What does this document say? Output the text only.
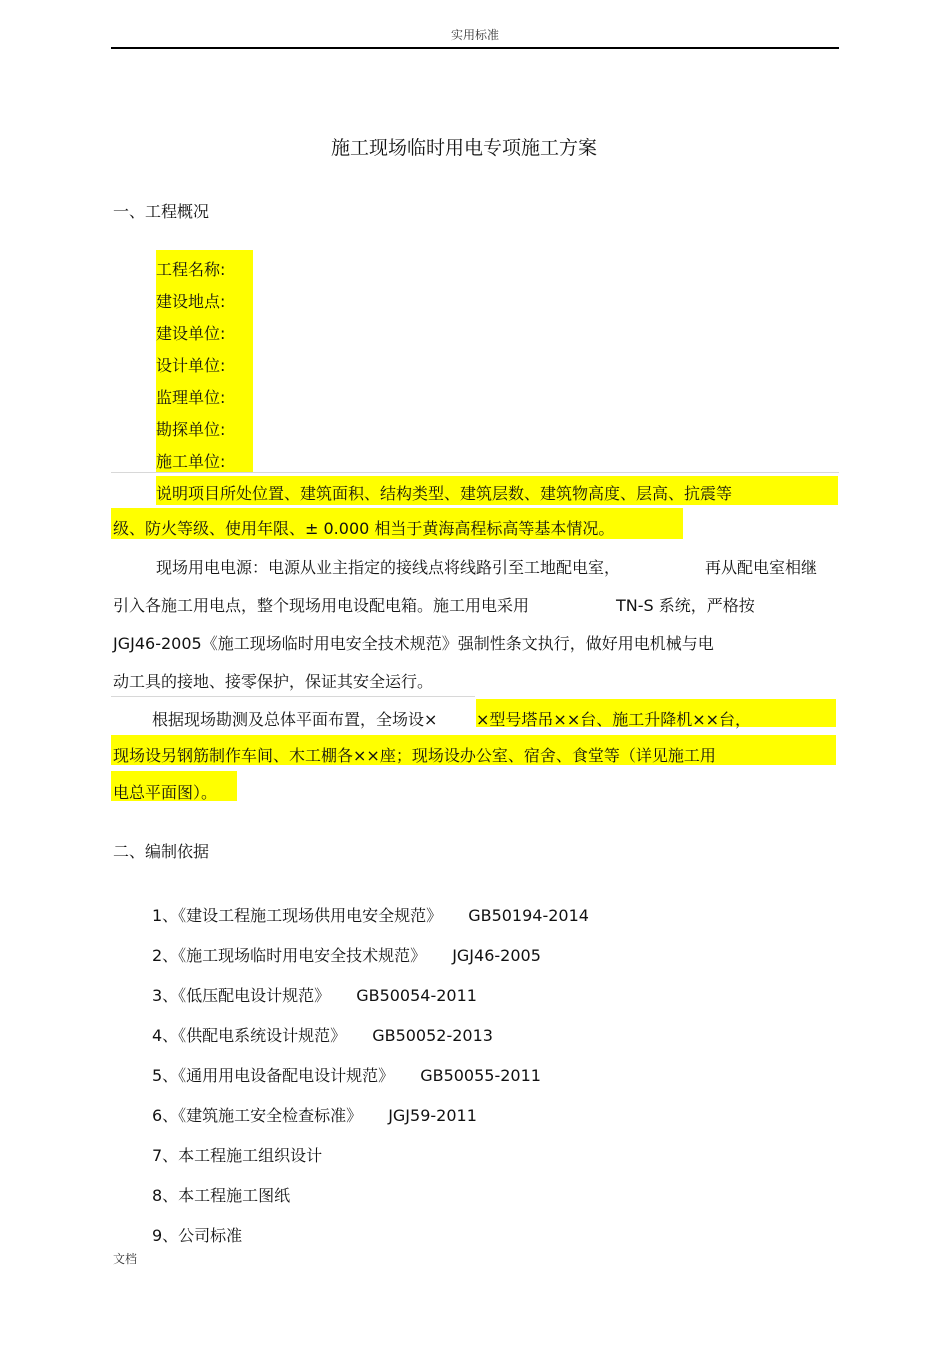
实用标准
施工现场临时用电专项施工方案
一、工程概况
工程名称:
建设地点:
建设单位:
设计单位:
监理单位:
勘探单位:
施工单位:
说明项目所处位置、建筑面积、结构类型、建筑层数、建筑物高度、层高、抗震等
级、防火等级、使用年限、± 0.000 相当于黄海高程标高等基本情况。
现场用电电源：电源从业主指定的接线点将线路引至工地配电室，	再从配电室相继
引入各施工用电点，整个现场用电设配电箱。施工用电采用	TN-S 系统，严格按
JGJ46-2005《施工现场临时用电安全技术规范》强制性条文执行，做好用电机械与电
动工具的接地、接零保护，保证其安全运行。
根据现场勘测及总体平面布置，全场设× ×型号塔吊××台、施工升降机××台，
现场设另钢筋制作车间、木工棚各××座；现场设办公室、宿舍、食堂等（详见施工用
电总平面图）。
二、编制依据
1、《建设工程施工现场供用电安全规范》 GB50194-2014
2、《施工现场临时用电安全技术规范》 JGJ46-2005
3、《低压配电设计规范》 GB50054-2011
4、《供配电系统设计规范》 GB50052-2013
5、《通用用电设备配电设计规范》 GB50055-2011
6、《建筑施工安全检查标准》 JGJ59-2011
7、本工程施工组织设计
8、本工程施工图纸
9、公司标准
文档
